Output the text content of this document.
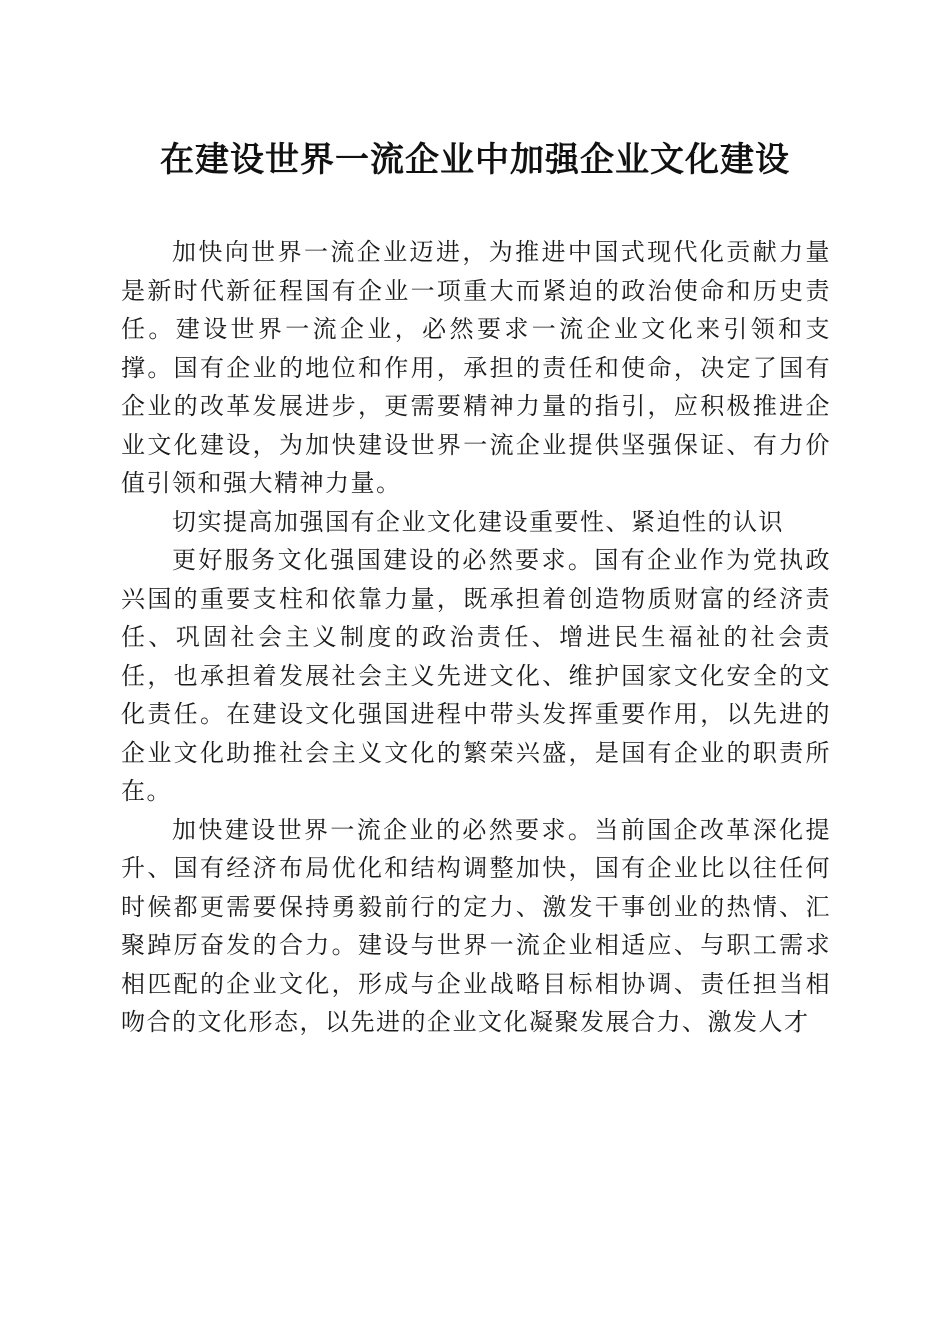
在建设世界一流企业中加强企业文化建设

加快向世界一流企业迈进，为推进中国式现代化贡献力量是新时代新征程国有企业一项重大而紧迫的政治使命和历史责任。建设世界一流企业，必然要求一流企业文化来引领和支撑。国有企业的地位和作用，承担的责任和使命，决定了国有企业的改革发展进步，更需要精神力量的指引，应积极推进企业文化建设，为加快建设世界一流企业提供坚强保证、有力价值引领和强大精神力量。

切实提高加强国有企业文化建设重要性、紧迫性的认识

更好服务文化强国建设的必然要求。国有企业作为党执政兴国的重要支柱和依靠力量，既承担着创造物质财富的经济责任、巩固社会主义制度的政治责任、增进民生福祉的社会责任，也承担着发展社会主义先进文化、维护国家文化安全的文化责任。在建设文化强国进程中带头发挥重要作用，以先进的企业文化助推社会主义文化的繁荣兴盛，是国有企业的职责所在。

加快建设世界一流企业的必然要求。当前国企改革深化提升、国有经济布局优化和结构调整加快，国有企业比以往任何时候都更需要保持勇毅前行的定力、激发干事创业的热情、汇聚踔厉奋发的合力。建设与世界一流企业相适应、与职工需求相匹配的企业文化，形成与企业战略目标相协调、责任担当相吻合的文化形态，以先进的企业文化凝聚发展合力、激发人才
